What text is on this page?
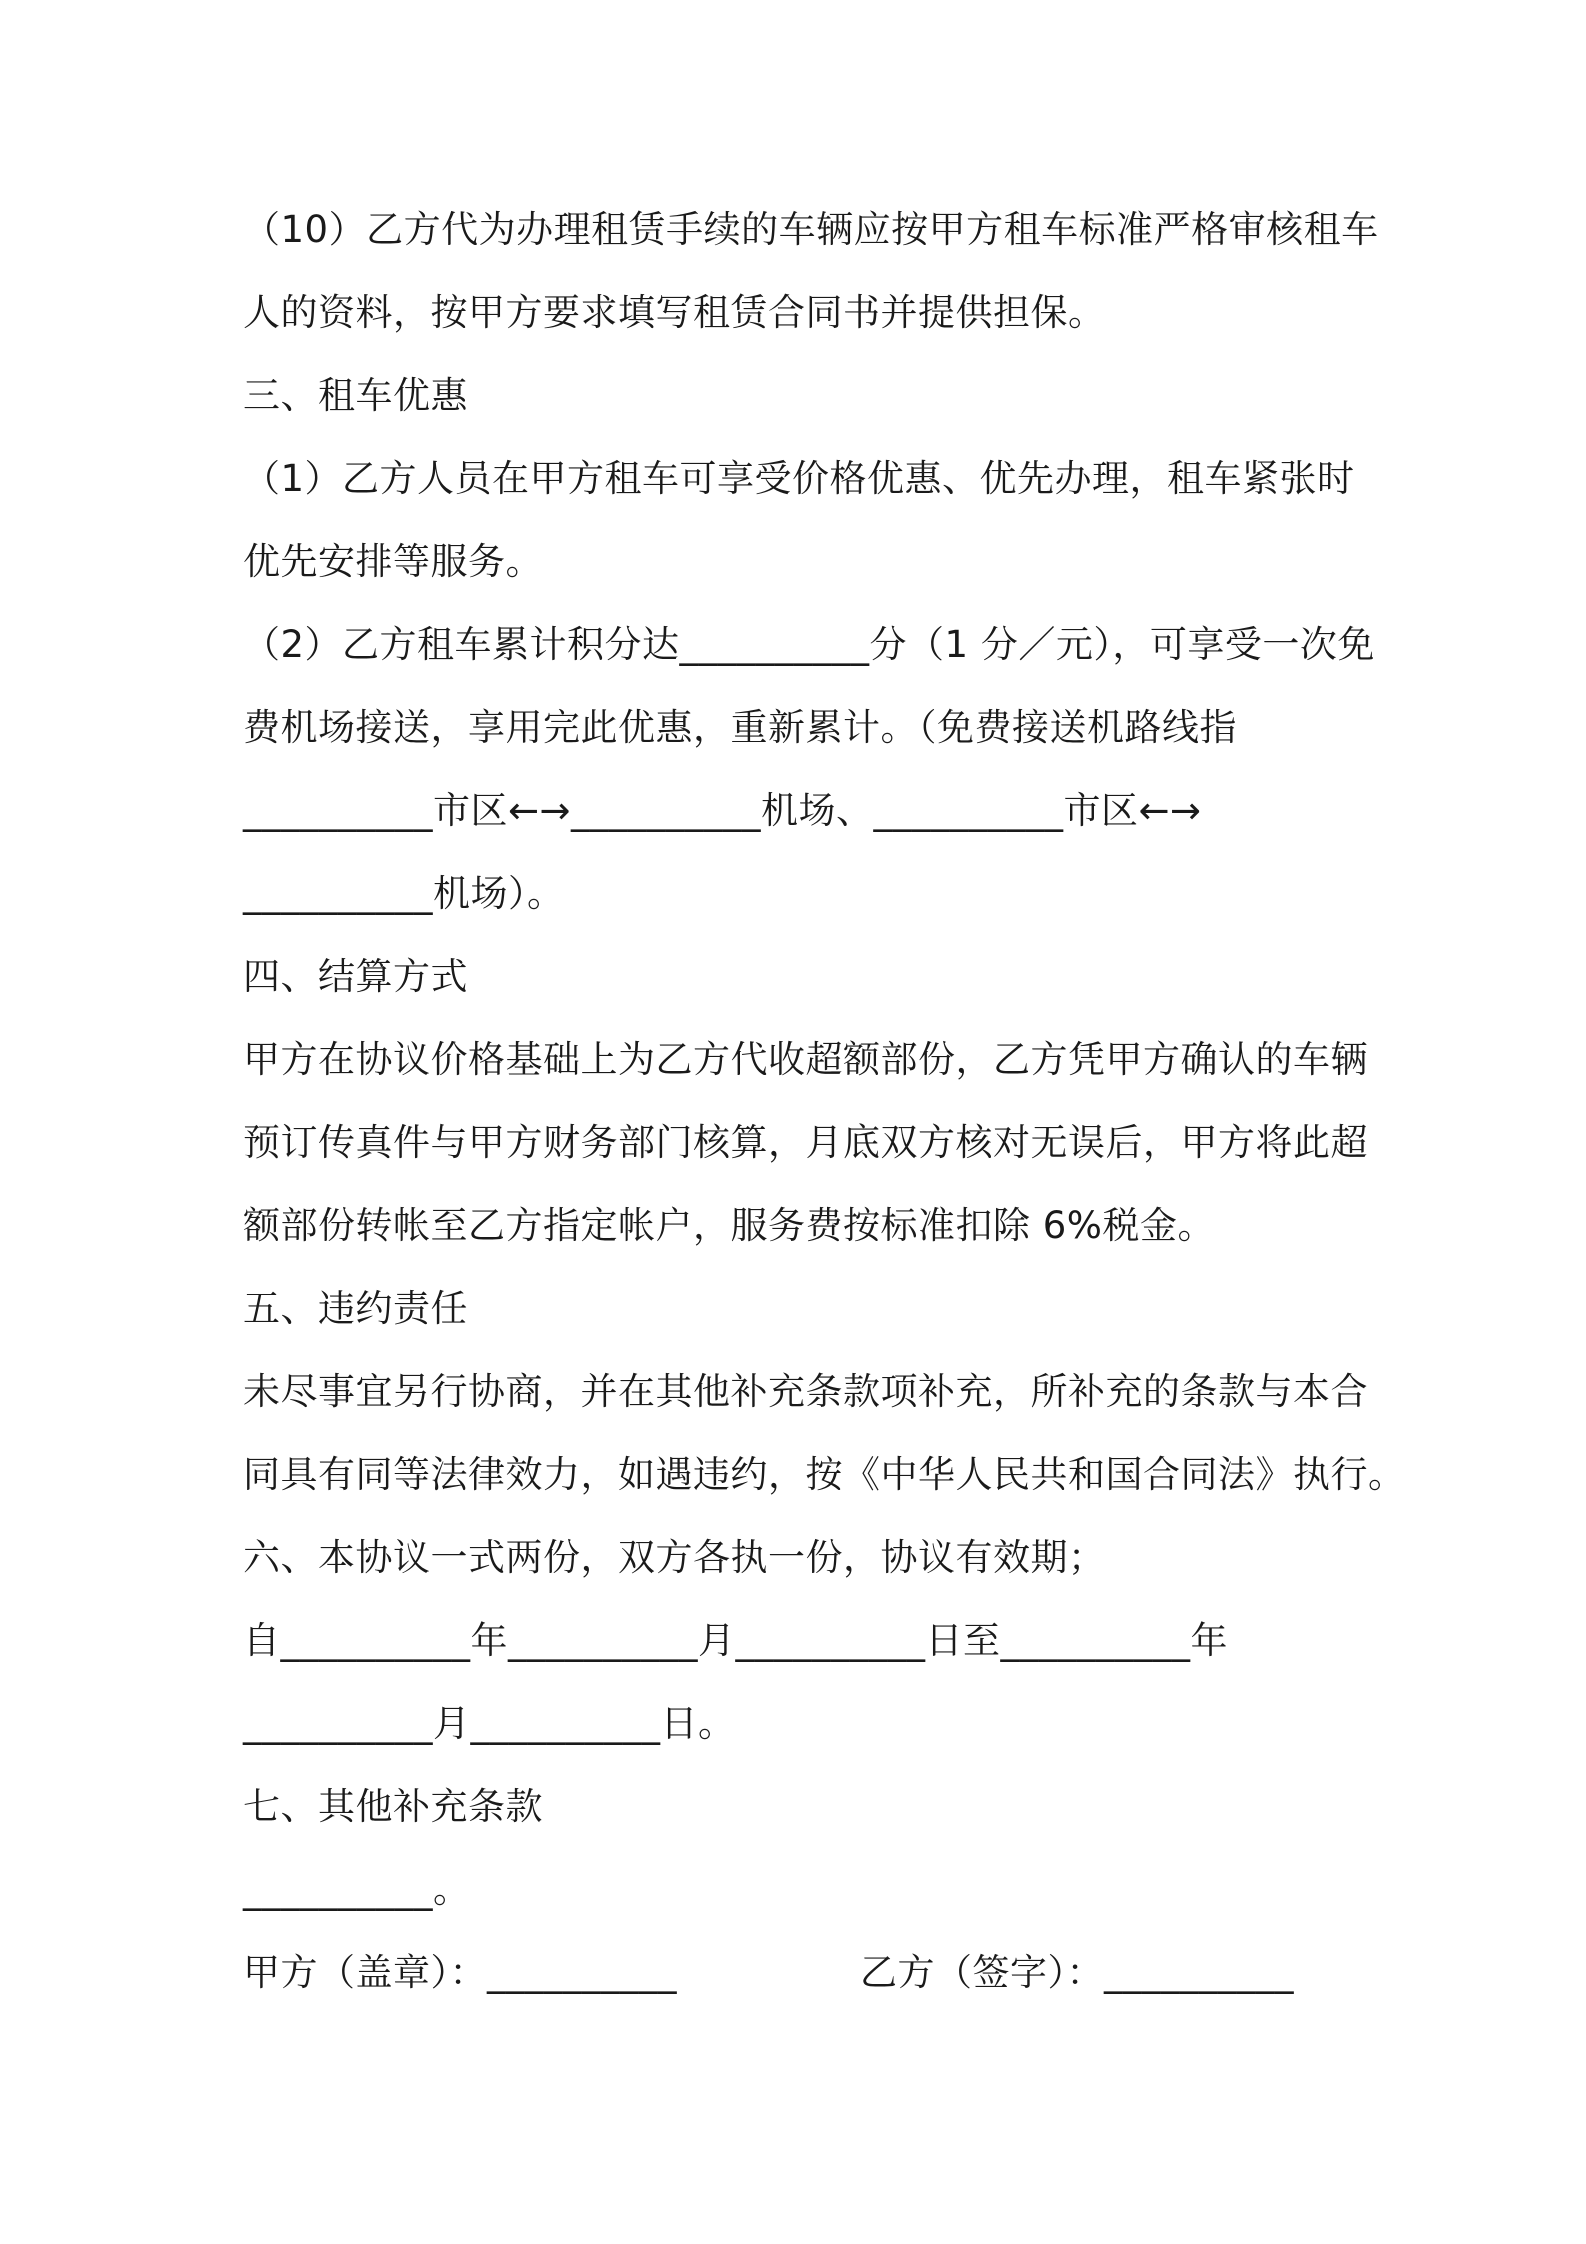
（10）乙方代为办理租赁手续的车辆应按甲方租车标准严格审核租车
人的资料，按甲方要求填写租赁合同书并提供担保。
三、租车优惠
（1）乙方人员在甲方租车可享受价格优惠、优先办理，租车紧张时
优先安排等服务。
（2）乙方租车累计积分达__________分（1 分／元），可享受一次免
费机场接送，享用完此优惠，重新累计。（免费接送机路线指
__________市区←→__________机场、__________市区←→
__________机场）。
四、结算方式
甲方在协议价格基础上为乙方代收超额部份，乙方凭甲方确认的车辆
预订传真件与甲方财务部门核算，月底双方核对无误后，甲方将此超
额部份转帐至乙方指定帐户，服务费按标准扣除 6%税金。
五、违约责任
未尽事宜另行协商，并在其他补充条款项补充，所补充的条款与本合
同具有同等法律效力，如遇违约，按《中华人民共和国合同法》执行。
六、本协议一式两份，双方各执一份，协议有效期；
自__________年__________月__________日至__________年
__________月__________日。
七、其他补充条款
__________。
甲方（盖章）：__________	乙方（签字）：__________
